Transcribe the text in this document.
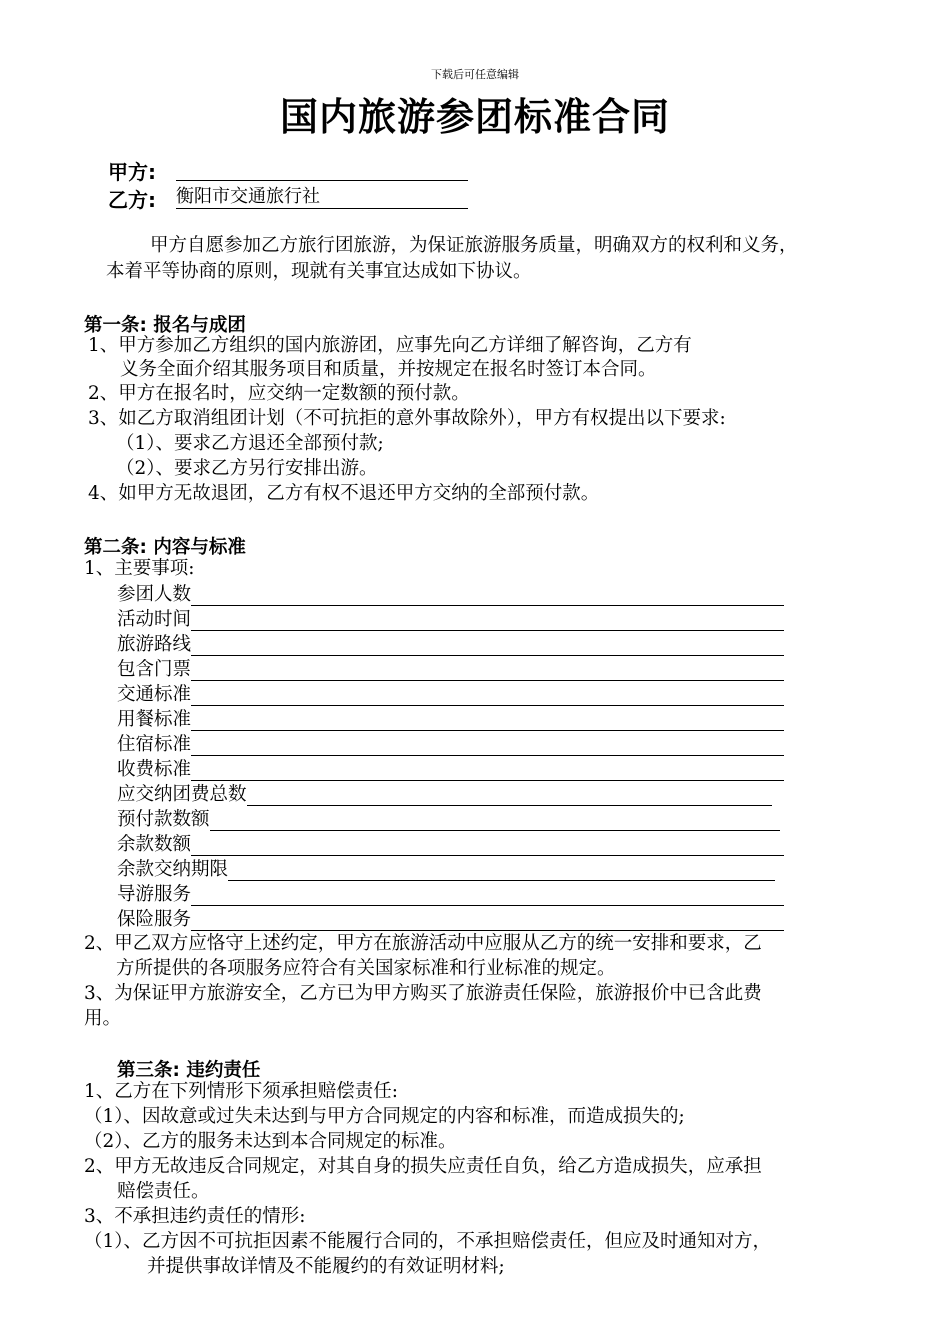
下载后可任意编辑
国内旅游参团标准合同
甲方:
乙方: 衡阳市交通旅行社
甲方自愿参加乙方旅行团旅游，为保证旅游服务质量，明确双方的权利和义务，
本着平等协商的原则，现就有关事宜达成如下协议。
第一条: 报名与成团
1、甲方参加乙方组织的国内旅游团，应事先向乙方详细了解咨询，乙方有
义务全面介绍其服务项目和质量，并按规定在报名时签订本合同。
2、甲方在报名时，应交纳一定数额的预付款。
3、如乙方取消组团计划（不可抗拒的意外事故除外），甲方有权提出以下要求:
（1）、要求乙方退还全部预付款;
（2）、要求乙方另行安排出游。
4、如甲方无故退团，乙方有权不退还甲方交纳的全部预付款。
第二条: 内容与标准
1、主要事项:
参团人数
活动时间
旅游路线
包含门票
交通标准
用餐标准
住宿标准
收费标准
应交纳团费总数
预付款数额
余款数额
余款交纳期限
导游服务
保险服务
2、甲乙双方应恪守上述约定，甲方在旅游活动中应服从乙方的统一安排和要求，乙
方所提供的各项服务应符合有关国家标准和行业标准的规定。
3、为保证甲方旅游安全，乙方已为甲方购买了旅游责任保险，旅游报价中已含此费
用。
第三条: 违约责任
1、乙方在下列情形下须承担赔偿责任:
（1）、因故意或过失未达到与甲方合同规定的内容和标准，而造成损失的;
（2）、乙方的服务未达到本合同规定的标准。
2、甲方无故违反合同规定，对其自身的损失应责任自负，给乙方造成损失，应承担
赔偿责任。
3、不承担违约责任的情形:
（1）、乙方因不可抗拒因素不能履行合同的，不承担赔偿责任，但应及时通知对方，
并提供事故详情及不能履约的有效证明材料;
